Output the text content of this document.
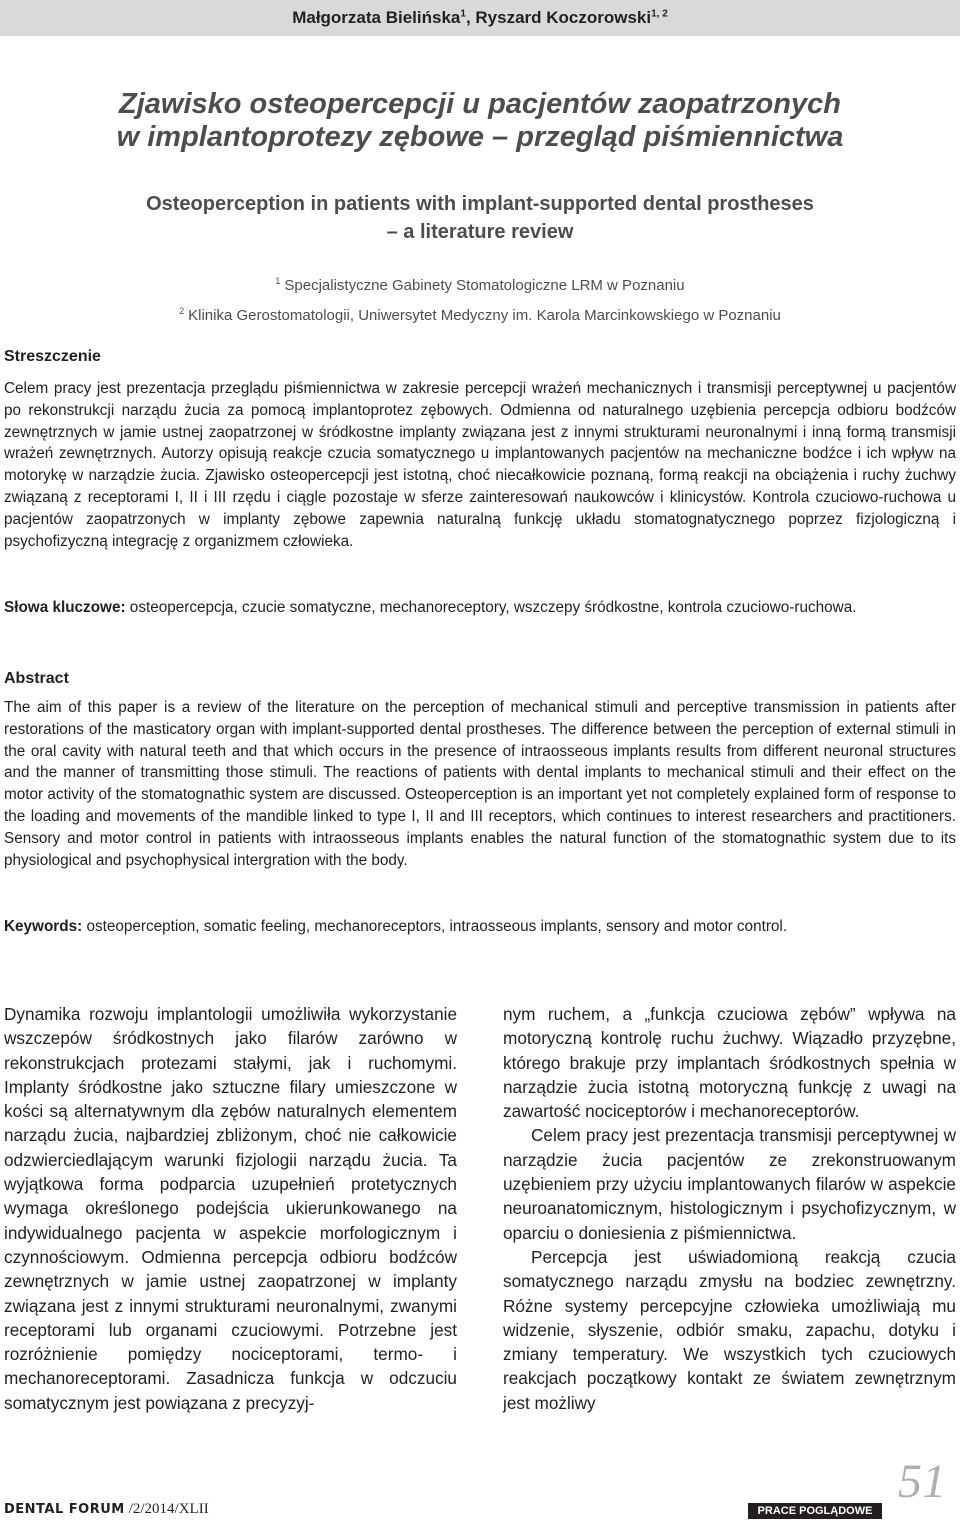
Małgorzata Bielińska$^1$, Ryszard Koczorowski$^{1, 2}$
Zjawisko osteopercepcji u pacjentów zaopatrzonych
w implantoprotezy zębowe – przegląd piśmiennictwa
Osteoperception in patients with implant-supported dental prostheses
– a literature review
$^1$ Specjalistyczne Gabinety Stomatologiczne LRM w Poznaniu
$^2$ Klinika Gerostomatologii, Uniwersytet Medyczny im. Karola Marcinkowskiego w Poznaniu
Streszczenie
Celem pracy jest prezentacja przeglądu piśmiennictwa w zakresie percepcji wrażeń mechanicznych i transmisji perceptywnej u pacjentów po rekonstrukcji narządu żucia za pomocą implantoprotez zębowych. Odmienna od naturalnego uzębienia percepcja odbioru bodźców zewnętrznych w jamie ustnej zaopatrzonej w śródkostne implanty związana jest z innymi strukturami neuronalnymi i inną formą transmisji wrażeń zewnętrznych. Autorzy opisują reakcje czucia somatycznego u implantowanych pacjentów na mechaniczne bodźce i ich wpływ na motorykę w narządzie żucia. Zjawisko osteopercepcji jest istotną, choć niecałkowicie poznaną, formą reakcji na obciążenia i ruchy żuchwy związaną z receptorami I, II i III rzędu i ciągle pozostaje w sferze zainteresowań naukowców i klinicystów. Kontrola czuciowo-ruchowa u pacjentów zaopatrzonych w implanty zębowe zapewnia naturalną funkcję układu stomatognatycznego poprzez fizjologiczną i psychofizyczną integrację z organizmem człowieka.
Słowa kluczowe: osteopercepcja, czucie somatyczne, mechanoreceptory, wszczepy śródkostne, kontrola czuciowo-ruchowa.
Abstract
The aim of this paper is a review of the literature on the perception of mechanical stimuli and perceptive transmission in patients after restorations of the masticatory organ with implant-supported dental prostheses. The difference between the perception of external stimuli in the oral cavity with natural teeth and that which occurs in the presence of intraosseous implants results from different neuronal structures and the manner of transmitting those stimuli. The reactions of patients with dental implants to mechanical stimuli and their effect on the motor activity of the stomatognathic system are discussed. Osteoperception is an important yet not completely explained form of response to the loading and movements of the mandible linked to type I, II and III receptors, which continues to interest researchers and practitioners. Sensory and motor control in patients with intraosseous implants enables the natural function of the stomatognathic system due to its physiological and psychophysical intergration with the body.
Keywords: osteoperception, somatic feeling, mechanoreceptors, intraosseous implants, sensory and motor control.

Dynamika rozwoju implantologii umożliwiła wykorzystanie wszczepów śródkostnych jako filarów zarówno w rekonstrukcjach protezami stałymi, jak i ruchomymi. Implanty śródkostne jako sztuczne filary umieszczone w kości są alternatywnym dla zębów naturalnych elementem narządu żucia, najbardziej zbliżonym, choć nie całkowicie odzwierciedlającym warunki fizjologii narządu żucia. Ta wyjątkowa forma podparcia uzupełnień protetycznych wymaga określonego podejścia ukierunkowanego na indywidualnego pacjenta w aspekcie morfologicznym i czynnościowym. Odmienna percepcja odbioru bodźców zewnętrznych w jamie ustnej zaopatrzonej w implanty związana jest z innymi strukturami neuronalnymi, zwanymi receptorami lub organami czuciowymi. Potrzebne jest rozróżnienie pomiędzy nociceptorami, termo- i mechanoreceptorami. Zasadnicza funkcja w odczuciu somatycznym jest powiązana z precyzyj-

nym ruchem, a „funkcja czuciowa zębów” wpływa na motoryczną kontrolę ruchu żuchwy. Wiązadło przyzębne, którego brakuje przy implantach śródkostnych spełnia w narządzie żucia istotną motoryczną funkcję z uwagi na zawartość nociceptorów i mechanoreceptorów.

Celem pracy jest prezentacja transmisji perceptywnej w narządzie żucia pacjentów ze zrekonstruowanym uzębieniem przy użyciu implantowanych filarów w aspekcie neuroanatomicznym, histologicznym i psychofizycznym, w oparciu o doniesienia z piśmiennictwa.

Percepcja jest uświadomioną reakcją czucia somatycznego narządu zmysłu na bodziec zewnętrzny. Różne systemy percepcyjne człowieka umożliwiają mu widzenie, słyszenie, odbiór smaku, zapachu, dotyku i zmiany temperatury. We wszystkich tych czuciowych reakcjach początkowy kontakt ze światem zewnętrznym jest możliwy

DENTAL FORUM /2/2014/XLII	PRACE POGLĄDOWE
51
